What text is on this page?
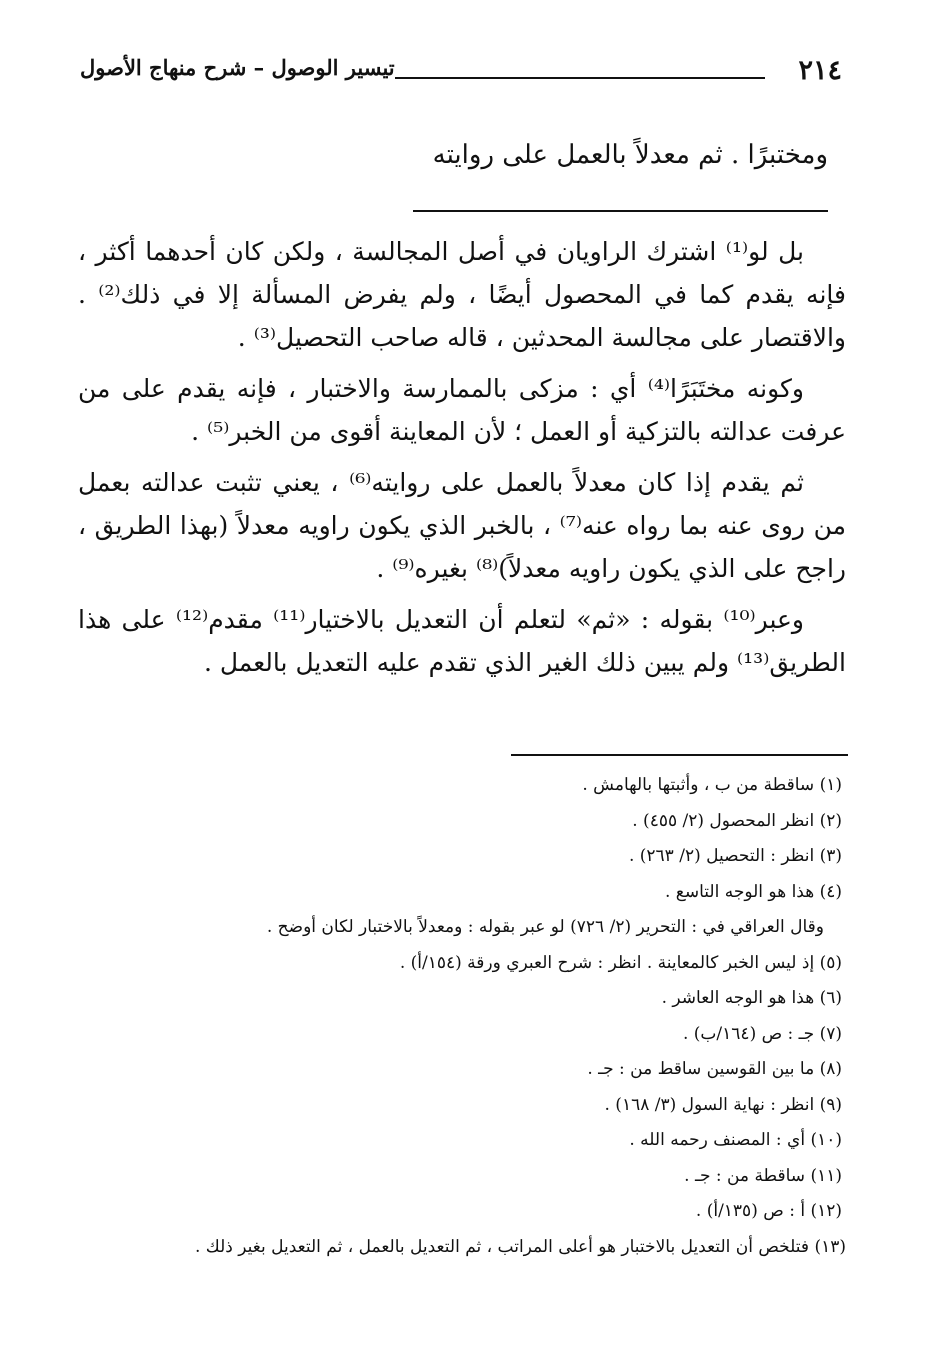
٢١٤
تيسير الوصول – شرح منهاج الأصول
ومختبرًا . ثم معدلاً بالعمل على روايته

بل لو⁽¹⁾ اشترك الراويان في أصل المجالسة ، ولكن كان أحدهما أكثر ، فإنه يقدم كما في المحصول أيضًا ، ولم يفرض المسألة إلا في ذلك⁽²⁾ . والاقتصار على مجالسة المحدثين ، قاله صاحب التحصيل⁽³⁾ .

وكونه مختَبَرًا⁽⁴⁾ أي : مزكى بالممارسة والاختبار ، فإنه يقدم على من عرفت عدالته بالتزكية أو العمل ؛ لأن المعاينة أقوى من الخبر⁽⁵⁾ .

ثم يقدم إذا كان معدلاً بالعمل على روايته⁽⁶⁾ ، يعني تثبت عدالته بعمل من روى عنه بما رواه عنه⁽⁷⁾ ، بالخبر الذي يكون راويه معدلاً (بهذا الطريق ، راجح على الذي يكون راويه معدلاً)⁽⁸⁾ بغيره⁽⁹⁾ .

وعبر⁽¹⁰⁾ بقوله : «ثم» لتعلم أن التعديل بالاختيار⁽¹¹⁾ مقدم⁽¹²⁾ على هذا الطريق⁽¹³⁾ ولم يبين ذلك الغير الذي تقدم عليه التعديل بالعمل .

(١) ساقطة من ب ، وأثبتها بالهامش .
(٢) انظر المحصول (٢/ ٤٥٥) .
(٣) انظر : التحصيل (٢/ ٢٦٣) .
(٤) هذا هو الوجه التاسع .
وقال العراقي في : التحرير (٢/ ٧٢٦) لو عبر بقوله : ومعدلاً بالاختبار لكان أوضح .
(٥) إذ ليس الخبر كالمعاينة . انظر : شرح العبري ورقة (١٥٤/أ) .
(٦) هذا هو الوجه العاشر .
(٧) جـ : ص (١٦٤/ب) .
(٨) ما بين القوسين ساقط من : جـ .
(٩) انظر : نهاية السول (٣/ ١٦٨) .
(١٠) أي : المصنف رحمه الله .
(١١) ساقطة من : جـ .
(١٢) أ : ص (١٣٥/أ) .
(١٣) فتلخص أن التعديل بالاختبار هو أعلى المراتب ، ثم التعديل بالعمل ، ثم التعديل بغير ذلك .
